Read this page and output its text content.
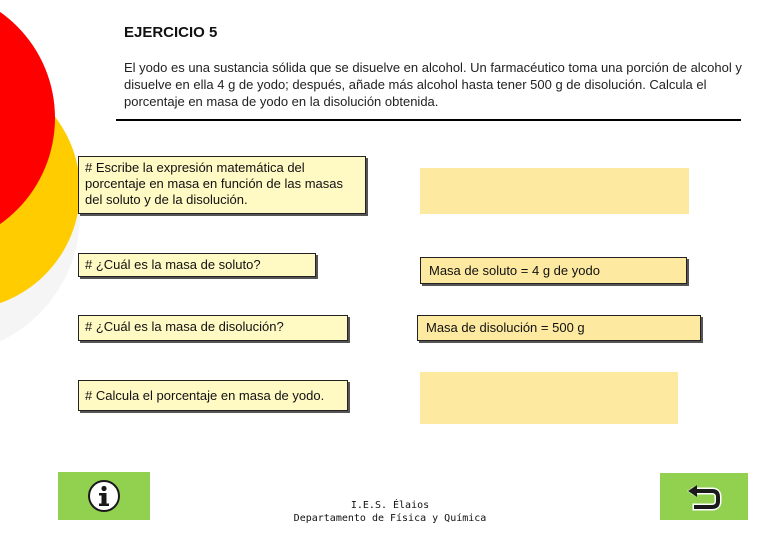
EJERCICIO 5
El yodo es una sustancia sólida que se disuelve en alcohol. Un farmacéutico toma una porción de alcohol y disuelve en ella 4 g de yodo; después, añade más alcohol hasta tener 500 g de disolución. Calcula el porcentaje en masa de yodo en la disolución obtenida.
# Escribe la expresión matemática del porcentaje en masa en función de las masas del soluto y de la disolución.
# ¿Cuál es la masa de soluto?	Masa de soluto = 4 g de yodo
# ¿Cuál es la masa de disolución?	Masa de disolución = 500 g
# Calcula el porcentaje en masa de yodo.
I.E.S. Élaios
Departamento de Física y Química
